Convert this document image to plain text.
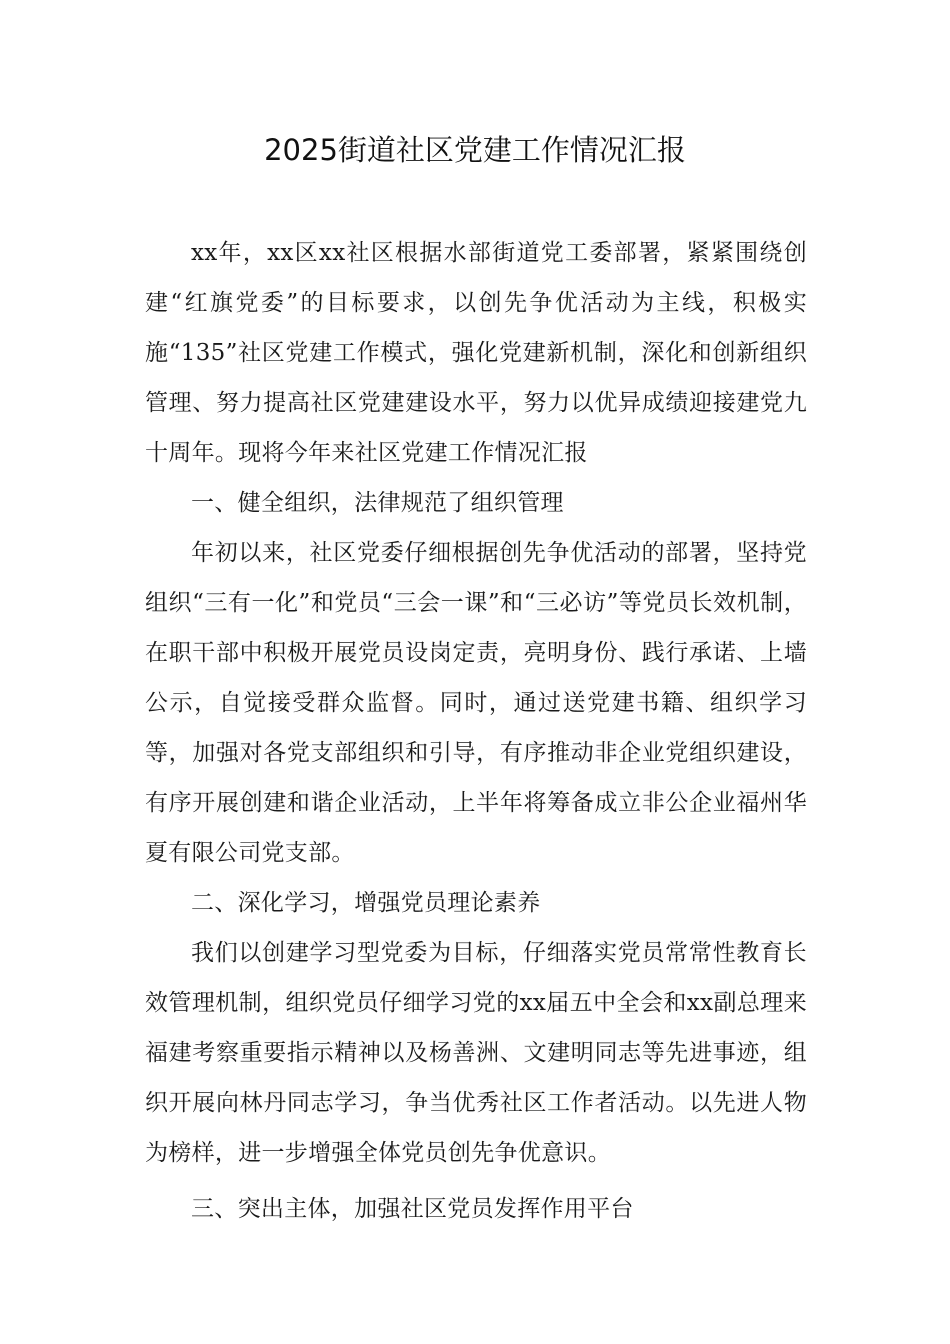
2025街道社区党建工作情况汇报

xx年，xx区xx社区根据水部街道党工委部署，紧紧围绕创建“红旗党委”的目标要求，以创先争优活动为主线，积极实施“135”社区党建工作模式，强化党建新机制，深化和创新组织管理、努力提高社区党建建设水平，努力以优异成绩迎接建党九十周年。现将今年来社区党建工作情况汇报

一、健全组织，法律规范了组织管理

年初以来，社区党委仔细根据创先争优活动的部署，坚持党组织“三有一化”和党员“三会一课”和“三必访”等党员长效机制，在职干部中积极开展党员设岗定责，亮明身份、践行承诺、上墙公示，自觉接受群众监督。同时，通过送党建书籍、组织学习等，加强对各党支部组织和引导，有序推动非企业党组织建设，有序开展创建和谐企业活动，上半年将筹备成立非公企业福州华夏有限公司党支部。

二、深化学习，增强党员理论素养

我们以创建学习型党委为目标，仔细落实党员常常性教育长效管理机制，组织党员仔细学习党的xx届五中全会和xx副总理来福建考察重要指示精神以及杨善洲、文建明同志等先进事迹，组织开展向林丹同志学习，争当优秀社区工作者活动。以先进人物为榜样，进一步增强全体党员创先争优意识。

三、突出主体，加强社区党员发挥作用平台
